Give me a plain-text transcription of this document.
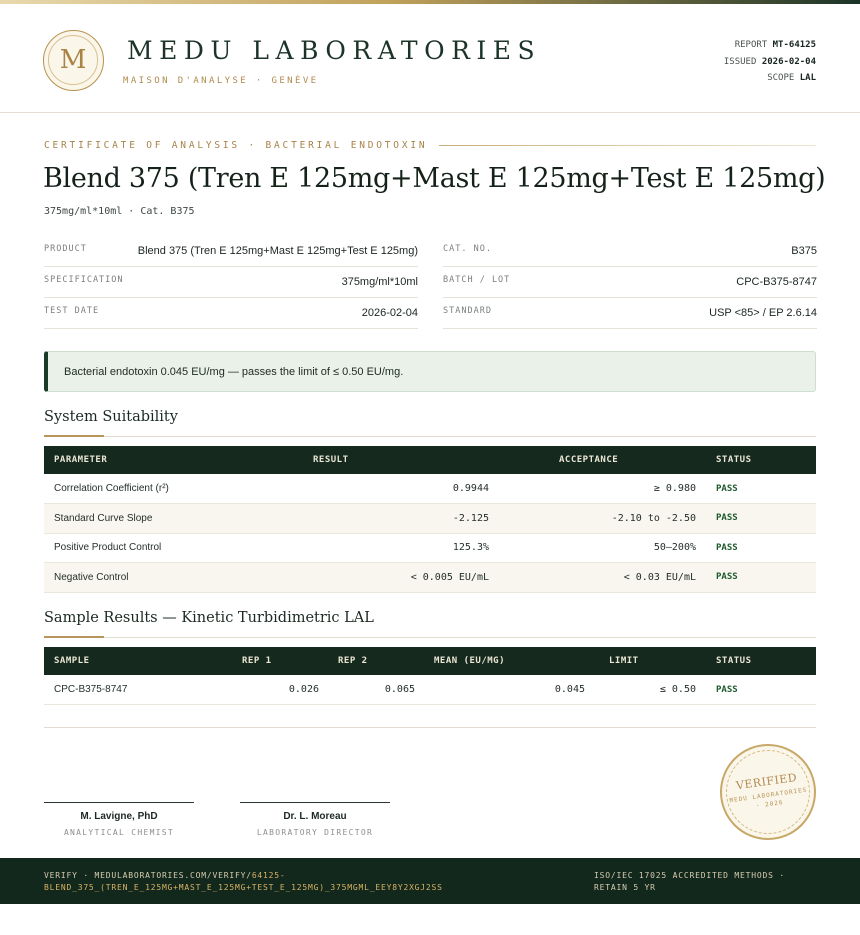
M	MEDU LABORATORIES
MAISON D'ANALYSE · GENÈVE
REPORT MT-64125
ISSUED 2026-02-04
SCOPE LAL
CERTIFICATE OF ANALYSIS · BACTERIAL ENDOTOXIN
Blend 375 (Tren E 125mg+Mast E 125mg+Test E 125mg)
375mg/ml*10ml · Cat. B375
PRODUCT	Blend 375 (Tren E 125mg+Mast E 125mg+Test E 125mg)
SPECIFICATION	375mg/ml*10ml
TEST DATE	2026-02-04
CAT. NO.	B375
BATCH / LOT	CPC-B375-8747
STANDARD	USP <85> / EP 2.6.14
Bacterial endotoxin 0.045 EU/mg — passes the limit of ≤ 0.50 EU/mg.
System Suitability
PARAMETER	RESULT	ACCEPTANCE	STATUS
Correlation Coefficient (r²)	0.9944	≥ 0.980	PASS
Standard Curve Slope	-2.125	-2.10 to -2.50	PASS
Positive Product Control	125.3%	50–200%	PASS
Negative Control	< 0.005 EU/mL	< 0.03 EU/mL	PASS
Sample Results — Kinetic Turbidimetric LAL
SAMPLE	REP 1	REP 2	MEAN (EU/MG)	LIMIT	STATUS
CPC-B375-8747	0.026	0.065	0.045	≤ 0.50	PASS
M. Lavigne, PhD
ANALYTICAL CHEMIST
Dr. L. Moreau
LABORATORY DIRECTOR
VERIFIED
MEDU LABORATORIES · 2026
VERIFY · MEDULABORATORIES.COM/VERIFY/64125-BLEND_375_(TREN_E_125MG+MAST_E_125MG+TEST_E_125MG)_375MGML_EEY8Y2XGJ2SS
ISO/IEC 17025 ACCREDITED METHODS · RETAIN 5 YR
